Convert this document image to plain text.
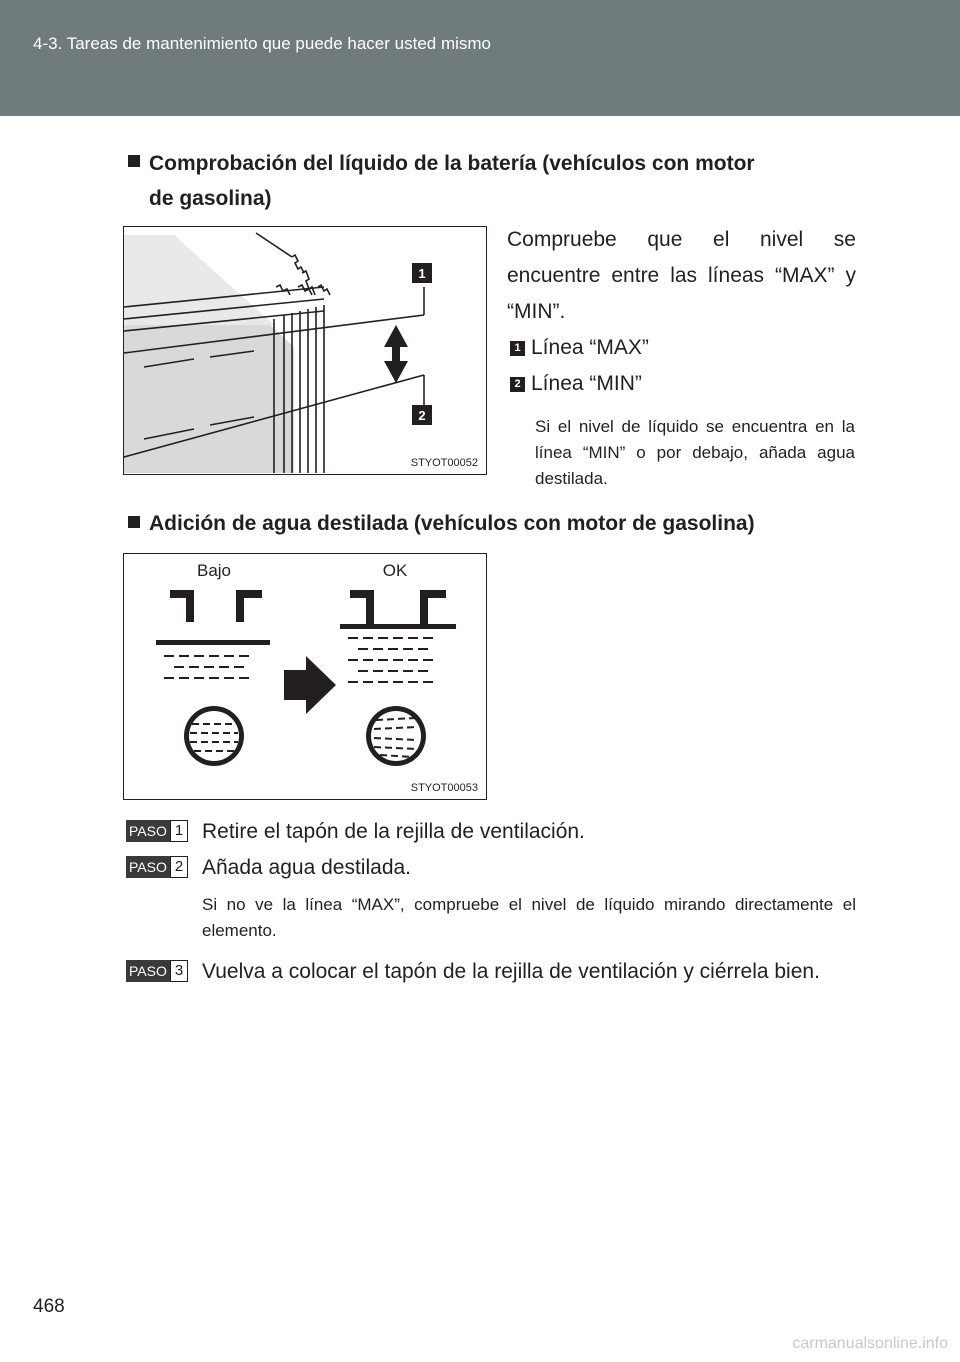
4-3. Tareas de mantenimiento que puede hacer usted mismo
Comprobación del líquido de la batería (vehículos con motor
de gasolina)
1
2
STYOT00052
Compruebe que el nivel se encuentre entre las líneas “MAX” y “MIN”.
1 Línea “MAX”
2 Línea “MIN”
Si el nivel de líquido se encuentra en la línea “MIN” o por debajo, añada agua destilada.
Adición de agua destilada (vehículos con motor de gasolina)
Bajo	OK
STYOT00053
PASO 1 Retire el tapón de la rejilla de ventilación.
PASO 2 Añada agua destilada.
Si no ve la línea “MAX”, compruebe el nivel de líquido mirando directamente el elemento.
PASO 3 Vuelva a colocar el tapón de la rejilla de ventilación y ciérrela bien.
468
carmanualsonline.info
